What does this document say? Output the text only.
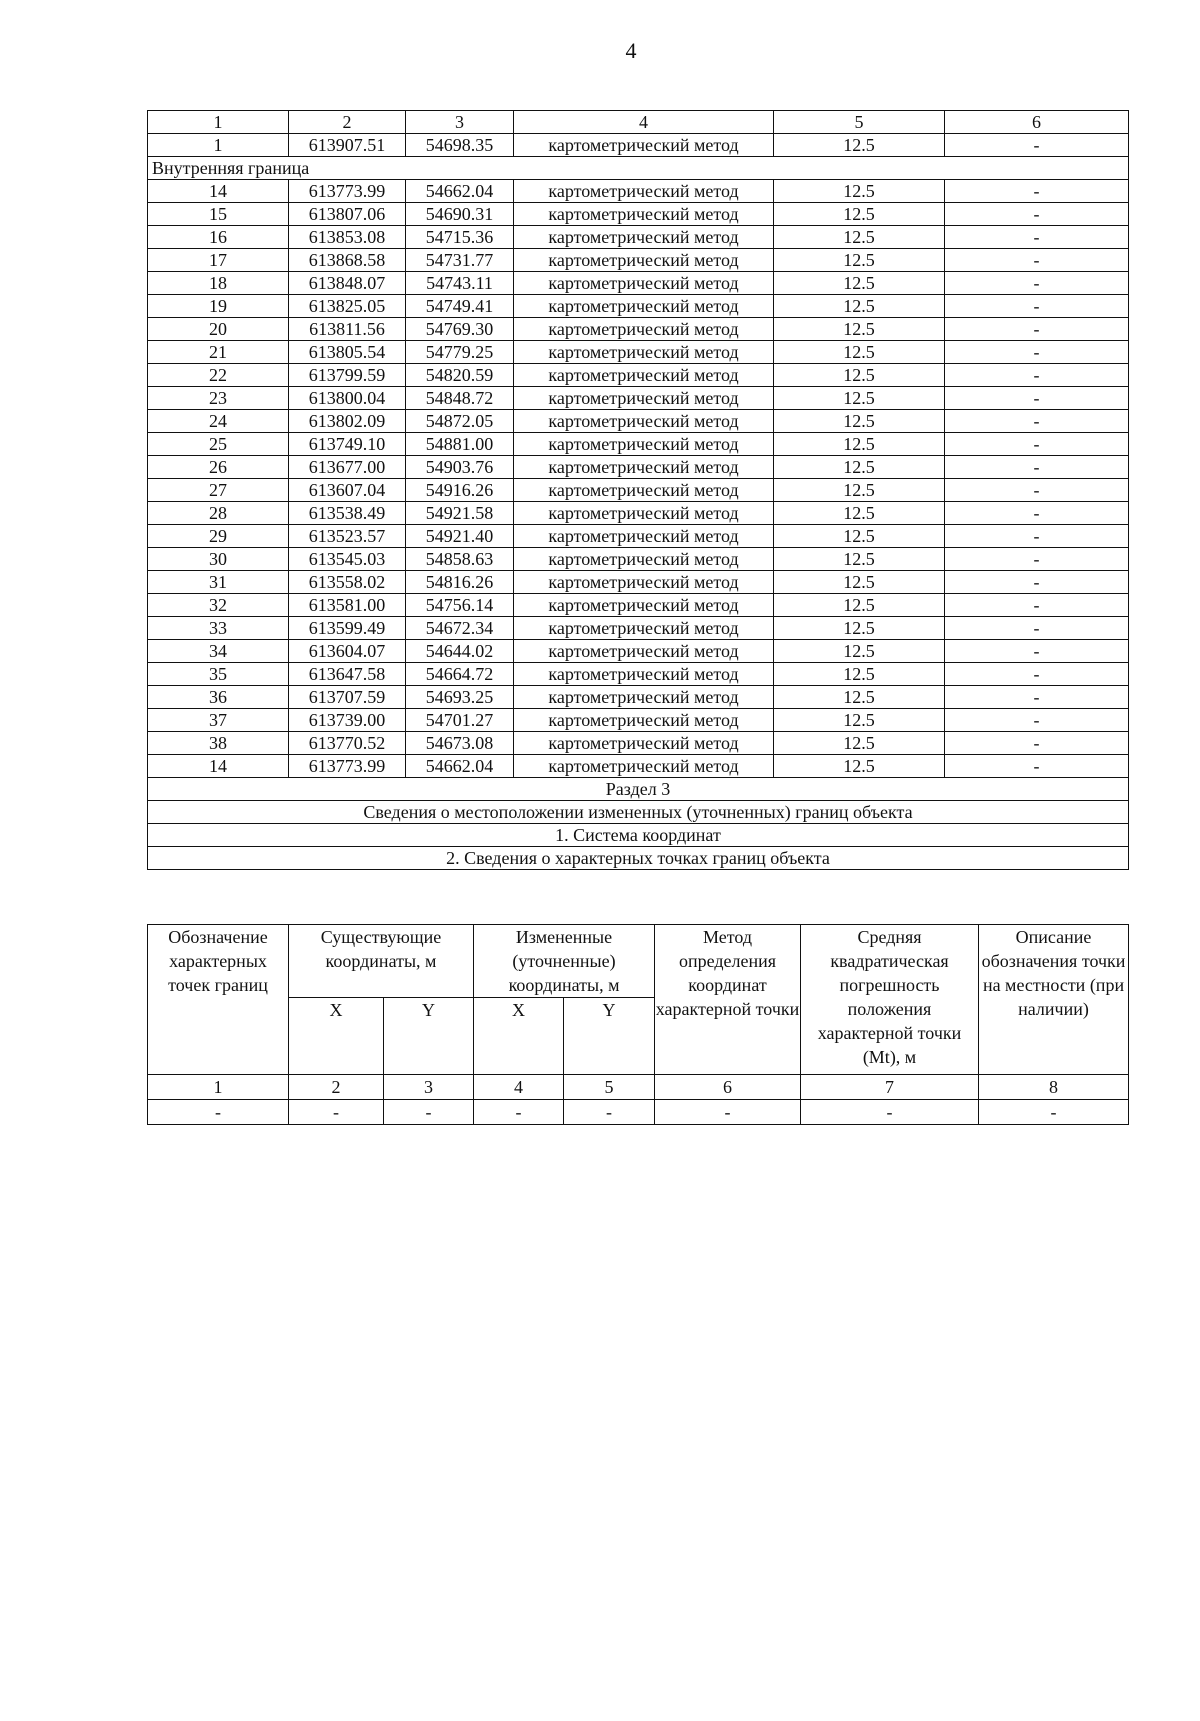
4
1	2	3	4	5	6
1	613907.51	54698.35	картометрический метод	12.5	-
Внутренняя граница					
14	613773.99	54662.04	картометрический метод	12.5	-
15	613807.06	54690.31	картометрический метод	12.5	-
16	613853.08	54715.36	картометрический метод	12.5	-
17	613868.58	54731.77	картометрический метод	12.5	-
18	613848.07	54743.11	картометрический метод	12.5	-
19	613825.05	54749.41	картометрический метод	12.5	-
20	613811.56	54769.30	картометрический метод	12.5	-
21	613805.54	54779.25	картометрический метод	12.5	-
22	613799.59	54820.59	картометрический метод	12.5	-
23	613800.04	54848.72	картометрический метод	12.5	-
24	613802.09	54872.05	картометрический метод	12.5	-
25	613749.10	54881.00	картометрический метод	12.5	-
26	613677.00	54903.76	картометрический метод	12.5	-
27	613607.04	54916.26	картометрический метод	12.5	-
28	613538.49	54921.58	картометрический метод	12.5	-
29	613523.57	54921.40	картометрический метод	12.5	-
30	613545.03	54858.63	картометрический метод	12.5	-
31	613558.02	54816.26	картометрический метод	12.5	-
32	613581.00	54756.14	картометрический метод	12.5	-
33	613599.49	54672.34	картометрический метод	12.5	-
34	613604.07	54644.02	картометрический метод	12.5	-
35	613647.58	54664.72	картометрический метод	12.5	-
36	613707.59	54693.25	картометрический метод	12.5	-
37	613739.00	54701.27	картометрический метод	12.5	-
38	613770.52	54673.08	картометрический метод	12.5	-
14	613773.99	54662.04	картометрический метод	12.5	-
Раздел 3					
Сведения о местоположении измененных (уточненных) границ объекта					
1. Система координат					
2. Сведения о характерных точках границ объекта					
Обозначение характерных точек границ	Существующие координаты, м		Измененные (уточненные) координаты, м		Метод определения координат характерной точки	Средняя квадратическая погрешность положения характерной точки (Mt), м	Описание обозначения точки на местности (при наличии)
	X	Y	X	Y			
1	2	3	4	5	6	7	8
-	-	-	-	-	-	-	-
